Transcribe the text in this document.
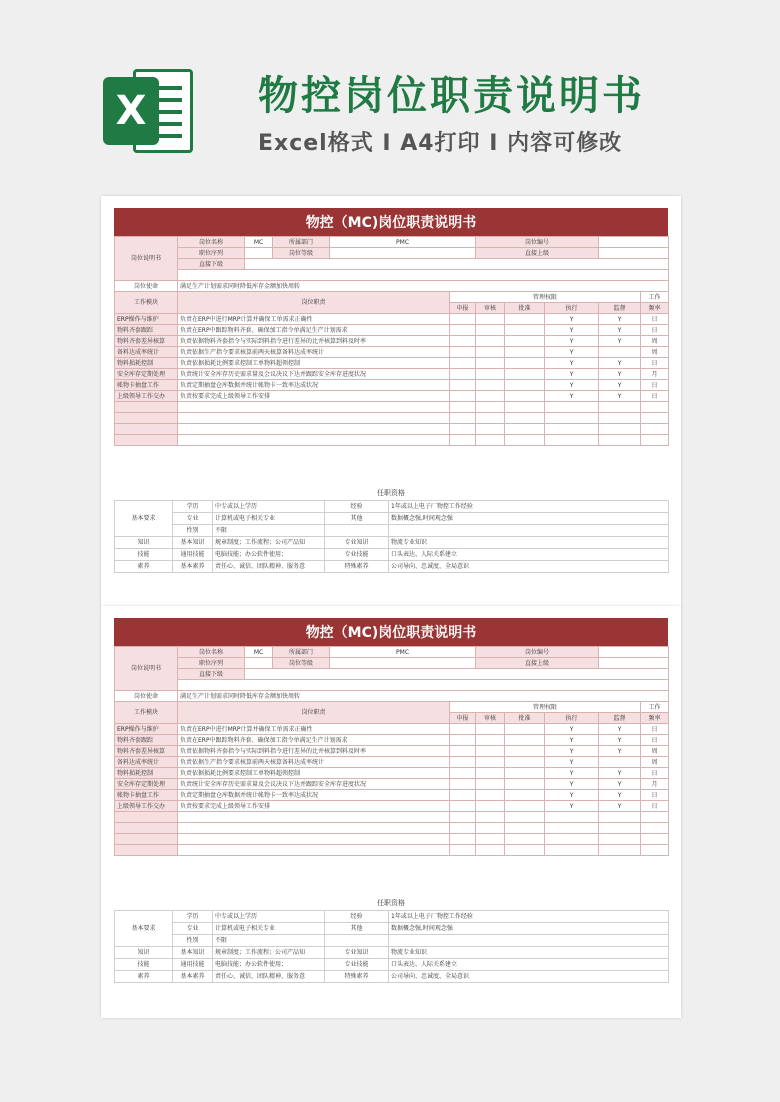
X	物控岗位职责说明书
Excel格式 I A4打印 I 内容可修改
物控（MC)岗位职责说明书
岗位说明书	岗位名称	MC	所属部门	PMC		岗位编号				
	职位序列		岗位等级			直接上级				
	直接下级									

岗位使命	满足生产计划需求同时降低库存金额加快周转									
工作模块	岗位职责				管理权限					工作
					申报	审核	批准	执行	监督	频率
ERP操作与维护	负责在ERP中进行MRP计算并确保工单需求正确性							Y	Y	日
物料齐套跟踪	负责在ERP中跟踪物料齐套、确保加工指令单满足生产计划需求							Y	Y	日
物料齐套差异核算	负责依据物料齐套指令与实际到料指令进行差异的比并核算到料及时率							Y	Y	周
备料达成率统计	负责依据生产指令要求核算前两天核算备料达成率统计							Y		周
物料损耗控制	负责依据损耗比例要求控制工单物料超领控制							Y	Y	日
安全库存定期处理	负责统计安全库存历史需求量及会议决议下达并跟踪安全库存进度状况							Y	Y	月
帐物卡抽盘工作	负责定期抽盘仓库数据并统计帐物卡一致率达成状况							Y	Y	日
上级领导工作交办	负责按要求完成上级领导工作安排							Y	Y	日

任职资格
基本要求	学历	中专或以上学历	经验	1年或以上电子厂物控工作经验
	专业	计算机或电子相关专业	其他	数据概念强,时间观念强
	性别	不限		
知识	基本知识	规章制度；工作流程；公司产品知	专业知识	物流专业知识
技能	通用技能	电脑技能；办公软件使用；	专业技能	口头表达、人际关系建立
素养	基本素养	责任心、诚信、团队精神、服务意	特殊素养	公司导向、忠诚度、全局意识
物控（MC)岗位职责说明书
岗位说明书	岗位名称	MC	所属部门	PMC		岗位编号				
	职位序列		岗位等级			直接上级				
	直接下级									

岗位使命	满足生产计划需求同时降低库存金额加快周转									
工作模块	岗位职责				管理权限					工作
					申报	审核	批准	执行	监督	频率
ERP操作与维护	负责在ERP中进行MRP计算并确保工单需求正确性							Y	Y	日
物料齐套跟踪	负责在ERP中跟踪物料齐套、确保加工指令单满足生产计划需求							Y	Y	日
物料齐套差异核算	负责依据物料齐套指令与实际到料指令进行差异的比并核算到料及时率							Y	Y	周
备料达成率统计	负责依据生产指令要求核算前两天核算备料达成率统计							Y		周
物料损耗控制	负责依据损耗比例要求控制工单物料超领控制							Y	Y	日
安全库存定期处理	负责统计安全库存历史需求量及会议决议下达并跟踪安全库存进度状况							Y	Y	月
帐物卡抽盘工作	负责定期抽盘仓库数据并统计帐物卡一致率达成状况							Y	Y	日
上级领导工作交办	负责按要求完成上级领导工作安排							Y	Y	日

任职资格
基本要求	学历	中专或以上学历	经验	1年或以上电子厂物控工作经验
	专业	计算机或电子相关专业	其他	数据概念强,时间观念强
	性别	不限		
知识	基本知识	规章制度；工作流程；公司产品知	专业知识	物流专业知识
技能	通用技能	电脑技能；办公软件使用；	专业技能	口头表达、人际关系建立
素养	基本素养	责任心、诚信、团队精神、服务意	特殊素养	公司导向、忠诚度、全局意识
